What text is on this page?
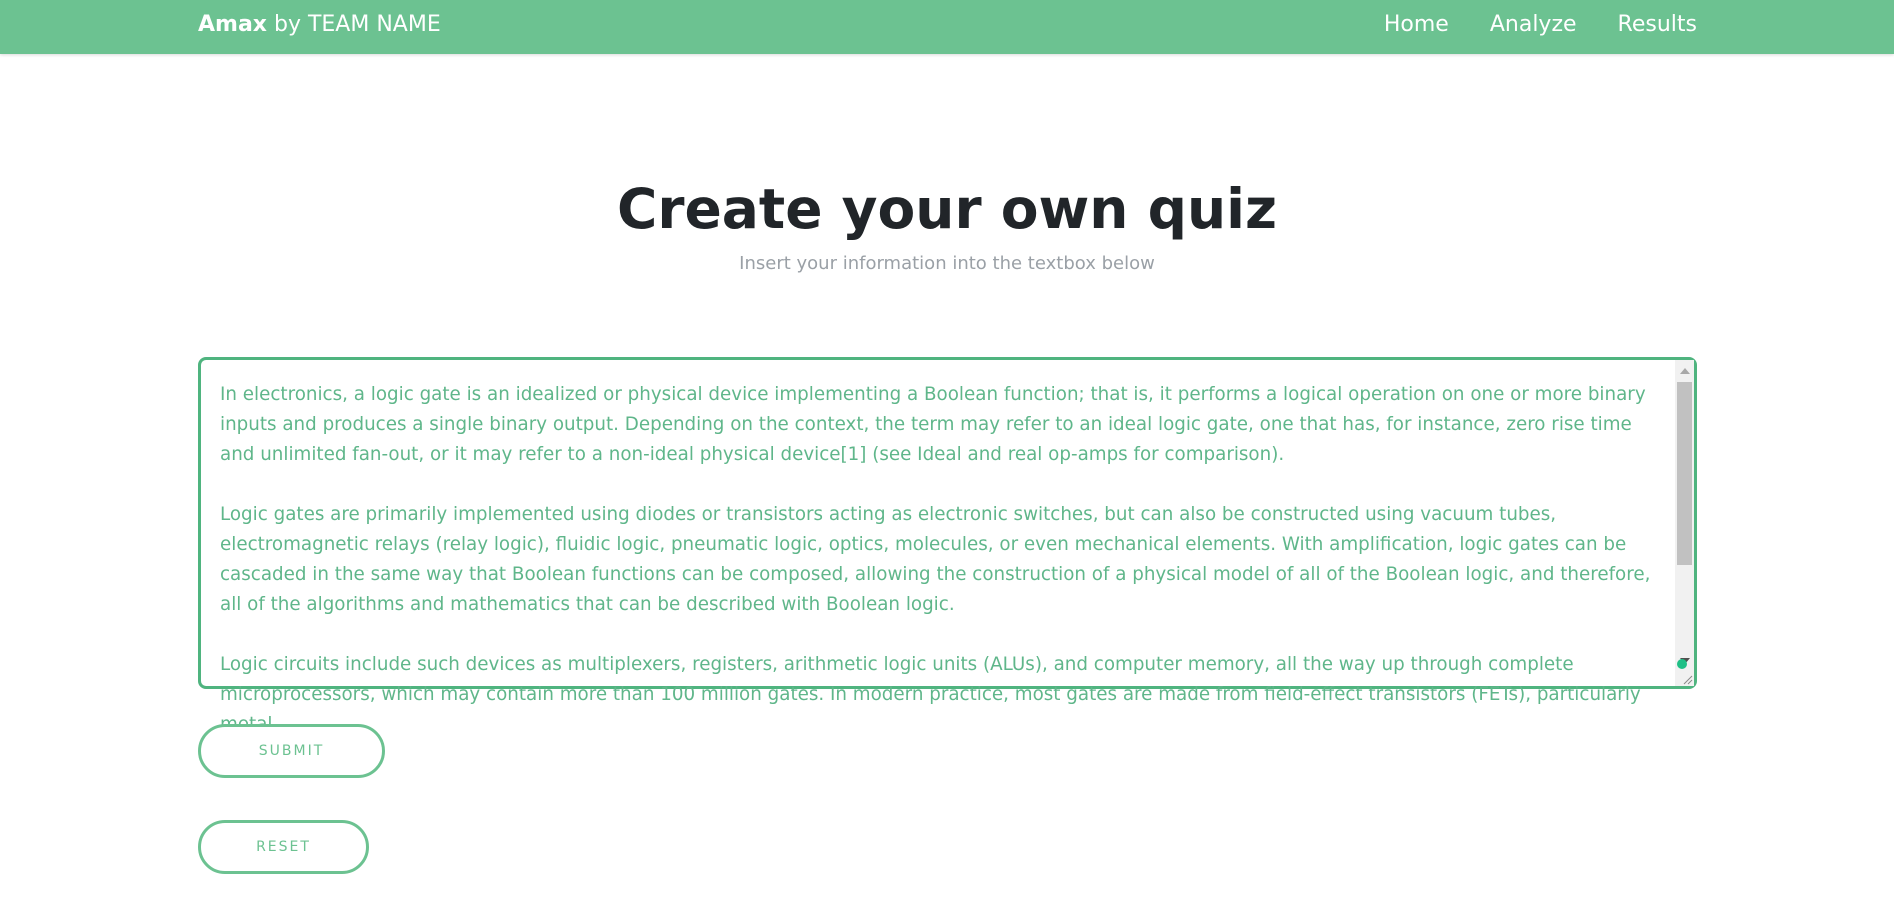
Amax by TEAM NAME	Home Analyze Results
Create your own quiz

Insert your information into the textbox below

In electronics, a logic gate is an idealized or physical device implementing a Boolean function; that is, it performs a logical operation on one or more binary inputs and produces a single binary output. Depending on the context, the term may refer to an ideal logic gate, one that has, for instance, zero rise time and unlimited fan-out, or it may refer to a non-ideal physical device[1] (see Ideal and real op-amps for comparison).

Logic gates are primarily implemented using diodes or transistors acting as electronic switches, but can also be constructed using vacuum tubes, electromagnetic relays (relay logic), fluidic logic, pneumatic logic, optics, molecules, or even mechanical elements. With amplification, logic gates can be cascaded in the same way that Boolean functions can be composed, allowing the construction of a physical model of all of the Boolean logic, and therefore, all of the algorithms and mathematics that can be described with Boolean logic.

Logic circuits include such devices as multiplexers, registers, arithmetic logic units (ALUs), and computer memory, all the way up through complete microprocessors, which may contain more than 100 million gates. In modern practice, most gates are made from field-effect transistors (FETs), particularly

SUBMIT
RESET
